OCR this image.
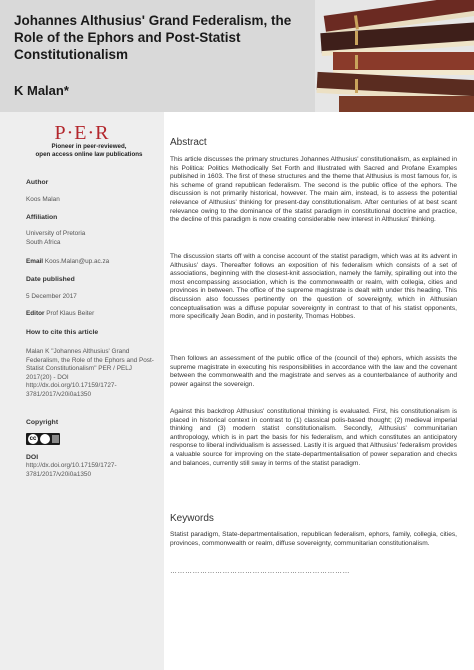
Johannes Althusius' Grand Federalism, the Role of the Ephors and Post-Statist Constitutionalism
K Malan*
P·E·R
Pioneer in peer-reviewed,
open access online law publications
Author
Koos Malan
Affiliation
University of Pretoria
South Africa
Email Koos.Malan@up.ac.za
Date published
5 December 2017
Editor Prof Klaus Beiter
How to cite this article
Malan K "Johannes Althusius' Grand Federalism, the Role of the Ephors and Post-Statist Constitutionalism" PER / PELJ 2017(20) - DOI http://dx.doi.org/10.17159/1727-3781/2017/v20i0a1350
Copyright
cc
DOI
http://dx.doi.org/10.17159/1727-3781/2017/v20i0a1350
Abstract

This article discusses the primary structures Johannes Althusius' constitutionalism, as explained in his Politica: Politics Methodically Set Forth and Illustrated with Sacred and Profane Examples published in 1603. The first of these structures and the theme that Althusius is most famous for, is his scheme of grand republican federalism. The second is the public office of the ephors. The discussion is not primarily historical, however. The main aim, instead, is to assess the potential relevance of Althusius' thinking for present-day constitutionalism. After centuries of at best scant relevance owing to the dominance of the statist paradigm in constitutional doctrine and practice, the decline of this paradigm is now creating considerable new interest in Althusius' thinking.

The discussion starts off with a concise account of the statist paradigm, which was at its advent in Althusius' days. Thereafter follows an exposition of his federalism which consists of a set of associations, beginning with the closest-knit association, namely the family, spiralling out into the most encompassing association, which is the commonwealth or realm, with collegia, cities and provinces in between. The office of the supreme magistrate is dealt with under this heading. This discussion also focusses pertinently on the question of sovereignty, which in Althusian conceptualisation was a diffuse popular sovereignty in contrast to that of his statist opponents, more specifically Jean Bodin, and in posterity, Thomas Hobbes.

Then follows an assessment of the public office of the (council of the) ephors, which assists the supreme magistrate in executing his responsibilities in accordance with the law and the covenant between the commonwealth and the magistrate and serves as a counterbalance of authority and power against the sovereign.

Against this backdrop Althusius' constitutional thinking is evaluated. First, his constitutionalism is placed in historical context in contrast to (1) classical polis-based thought; (2) medieval imperial thinking and (3) modern statist constitutionalism. Secondly, Althusius' communitarian anthropology, which is in part the basis for his federalism, and which constitutes an anticipatory response to liberal individualism is assessed. Lastly it is argued that Althusius' federalism provides a valuable source for improving on the state-departmentalisation of power separation and checks and balances, currently still sway in terms of the statist paradigm.

Keywords

Statist paradigm, State-departmentalisation, republican federalism, ephors, family, collegia, cities, provinces, commonwealth or realm, diffuse sovereignty, communitarian constitutionalism.

………………………………………………………………
